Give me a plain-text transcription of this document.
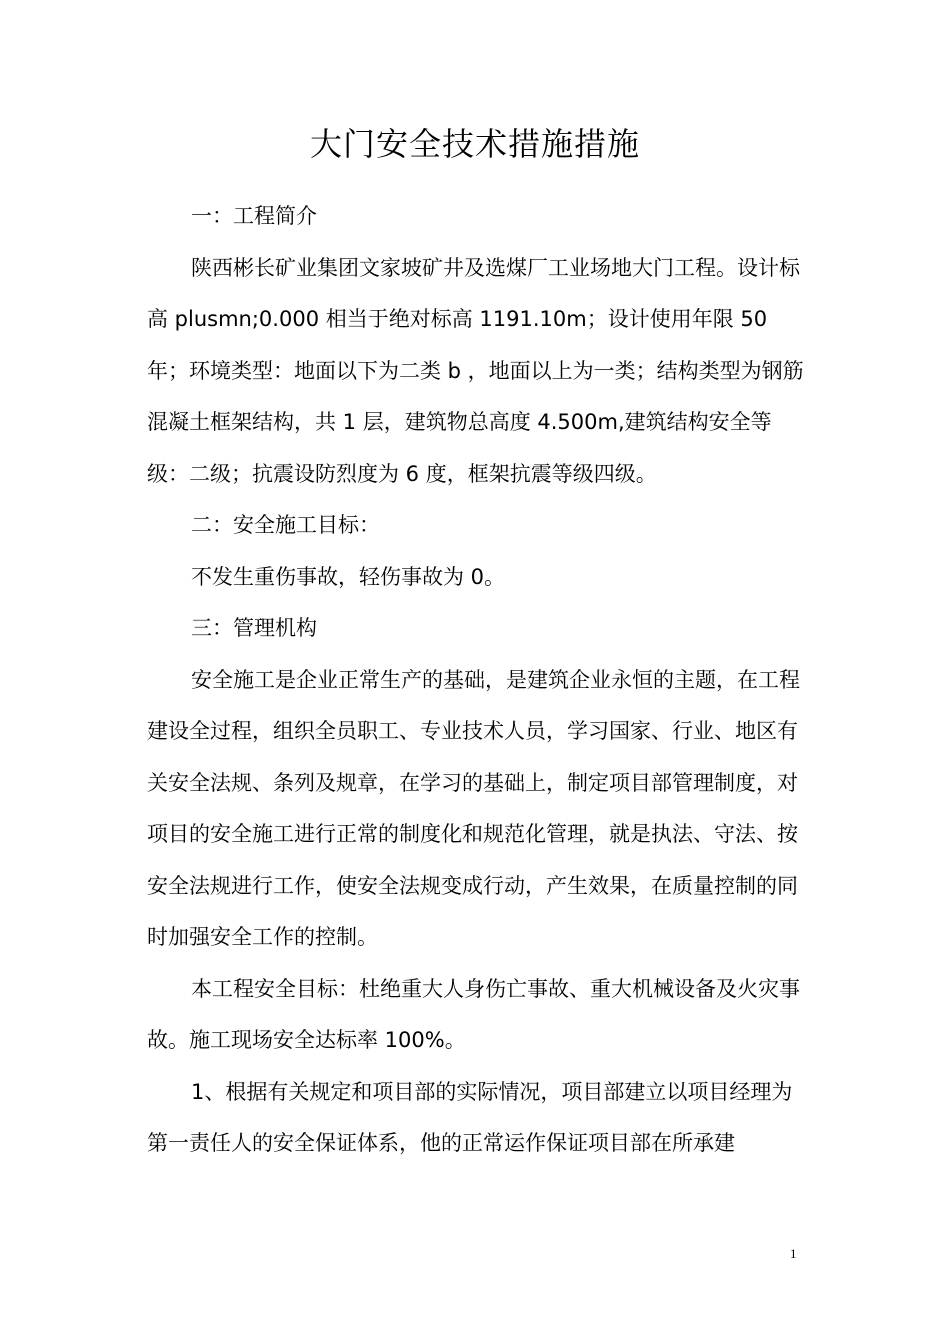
大门安全技术措施措施

一：工程简介

陕西彬长矿业集团文家坡矿井及选煤厂工业场地大门工程。设计标高 plusmn;0.000 相当于绝对标高 1191.10m；设计使用年限 50 年；环境类型：地面以下为二类 b ，地面以上为一类；结构类型为钢筋混凝土框架结构，共 1 层，建筑物总高度 4.500m,建筑结构安全等级：二级；抗震设防烈度为 6 度，框架抗震等级四级。

二：安全施工目标：

不发生重伤事故，轻伤事故为 0。

三：管理机构

安全施工是企业正常生产的基础，是建筑企业永恒的主题，在工程建设全过程，组织全员职工、专业技术人员，学习国家、行业、地区有关安全法规、条列及规章，在学习的基础上，制定项目部管理制度，对项目的安全施工进行正常的制度化和规范化管理，就是执法、守法、按安全法规进行工作，使安全法规变成行动，产生效果，在质量控制的同时加强安全工作的控制。

本工程安全目标：杜绝重大人身伤亡事故、重大机械设备及火灾事故。施工现场安全达标率 100%。

1、根据有关规定和项目部的实际情况，项目部建立以项目经理为第一责任人的安全保证体系，他的正常运作保证项目部在所承建

1
